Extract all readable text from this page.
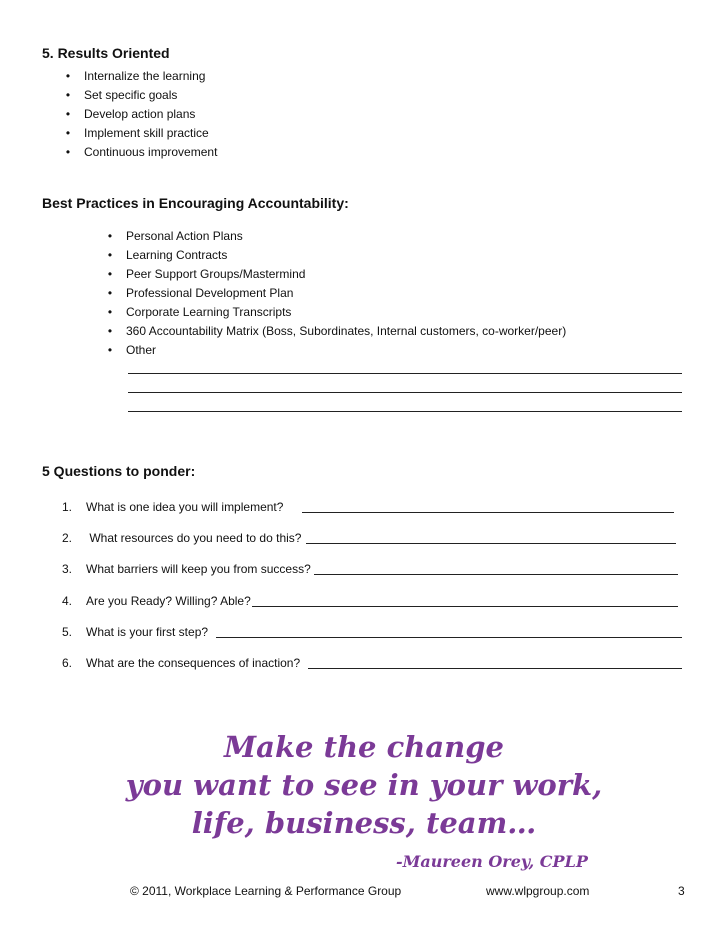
5. Results Oriented
•	Internalize the learning
•	Set specific goals
•	Develop action plans
•	Implement skill practice
•	Continuous improvement
Best Practices in Encouraging Accountability:
•	Personal Action Plans
•	Learning Contracts
•	Peer Support Groups/Mastermind
•	Professional Development Plan
•	Corporate Learning Transcripts
•	360 Accountability Matrix (Boss, Subordinates, Internal customers, co-worker/peer)
•	Other
5 Questions to ponder:
1. What is one idea you will implement?
2. What resources do you need to do this?
3. What barriers will keep you from success?
4. Are you Ready? Willing? Able?
5. What is your first step?
6. What are the consequences of inaction?
Make the change
you want to see in your work,
life, business, team…
-Maureen Orey, CPLP
© 2011, Workplace Learning & Performance Group	www.wlpgroup.com	3
